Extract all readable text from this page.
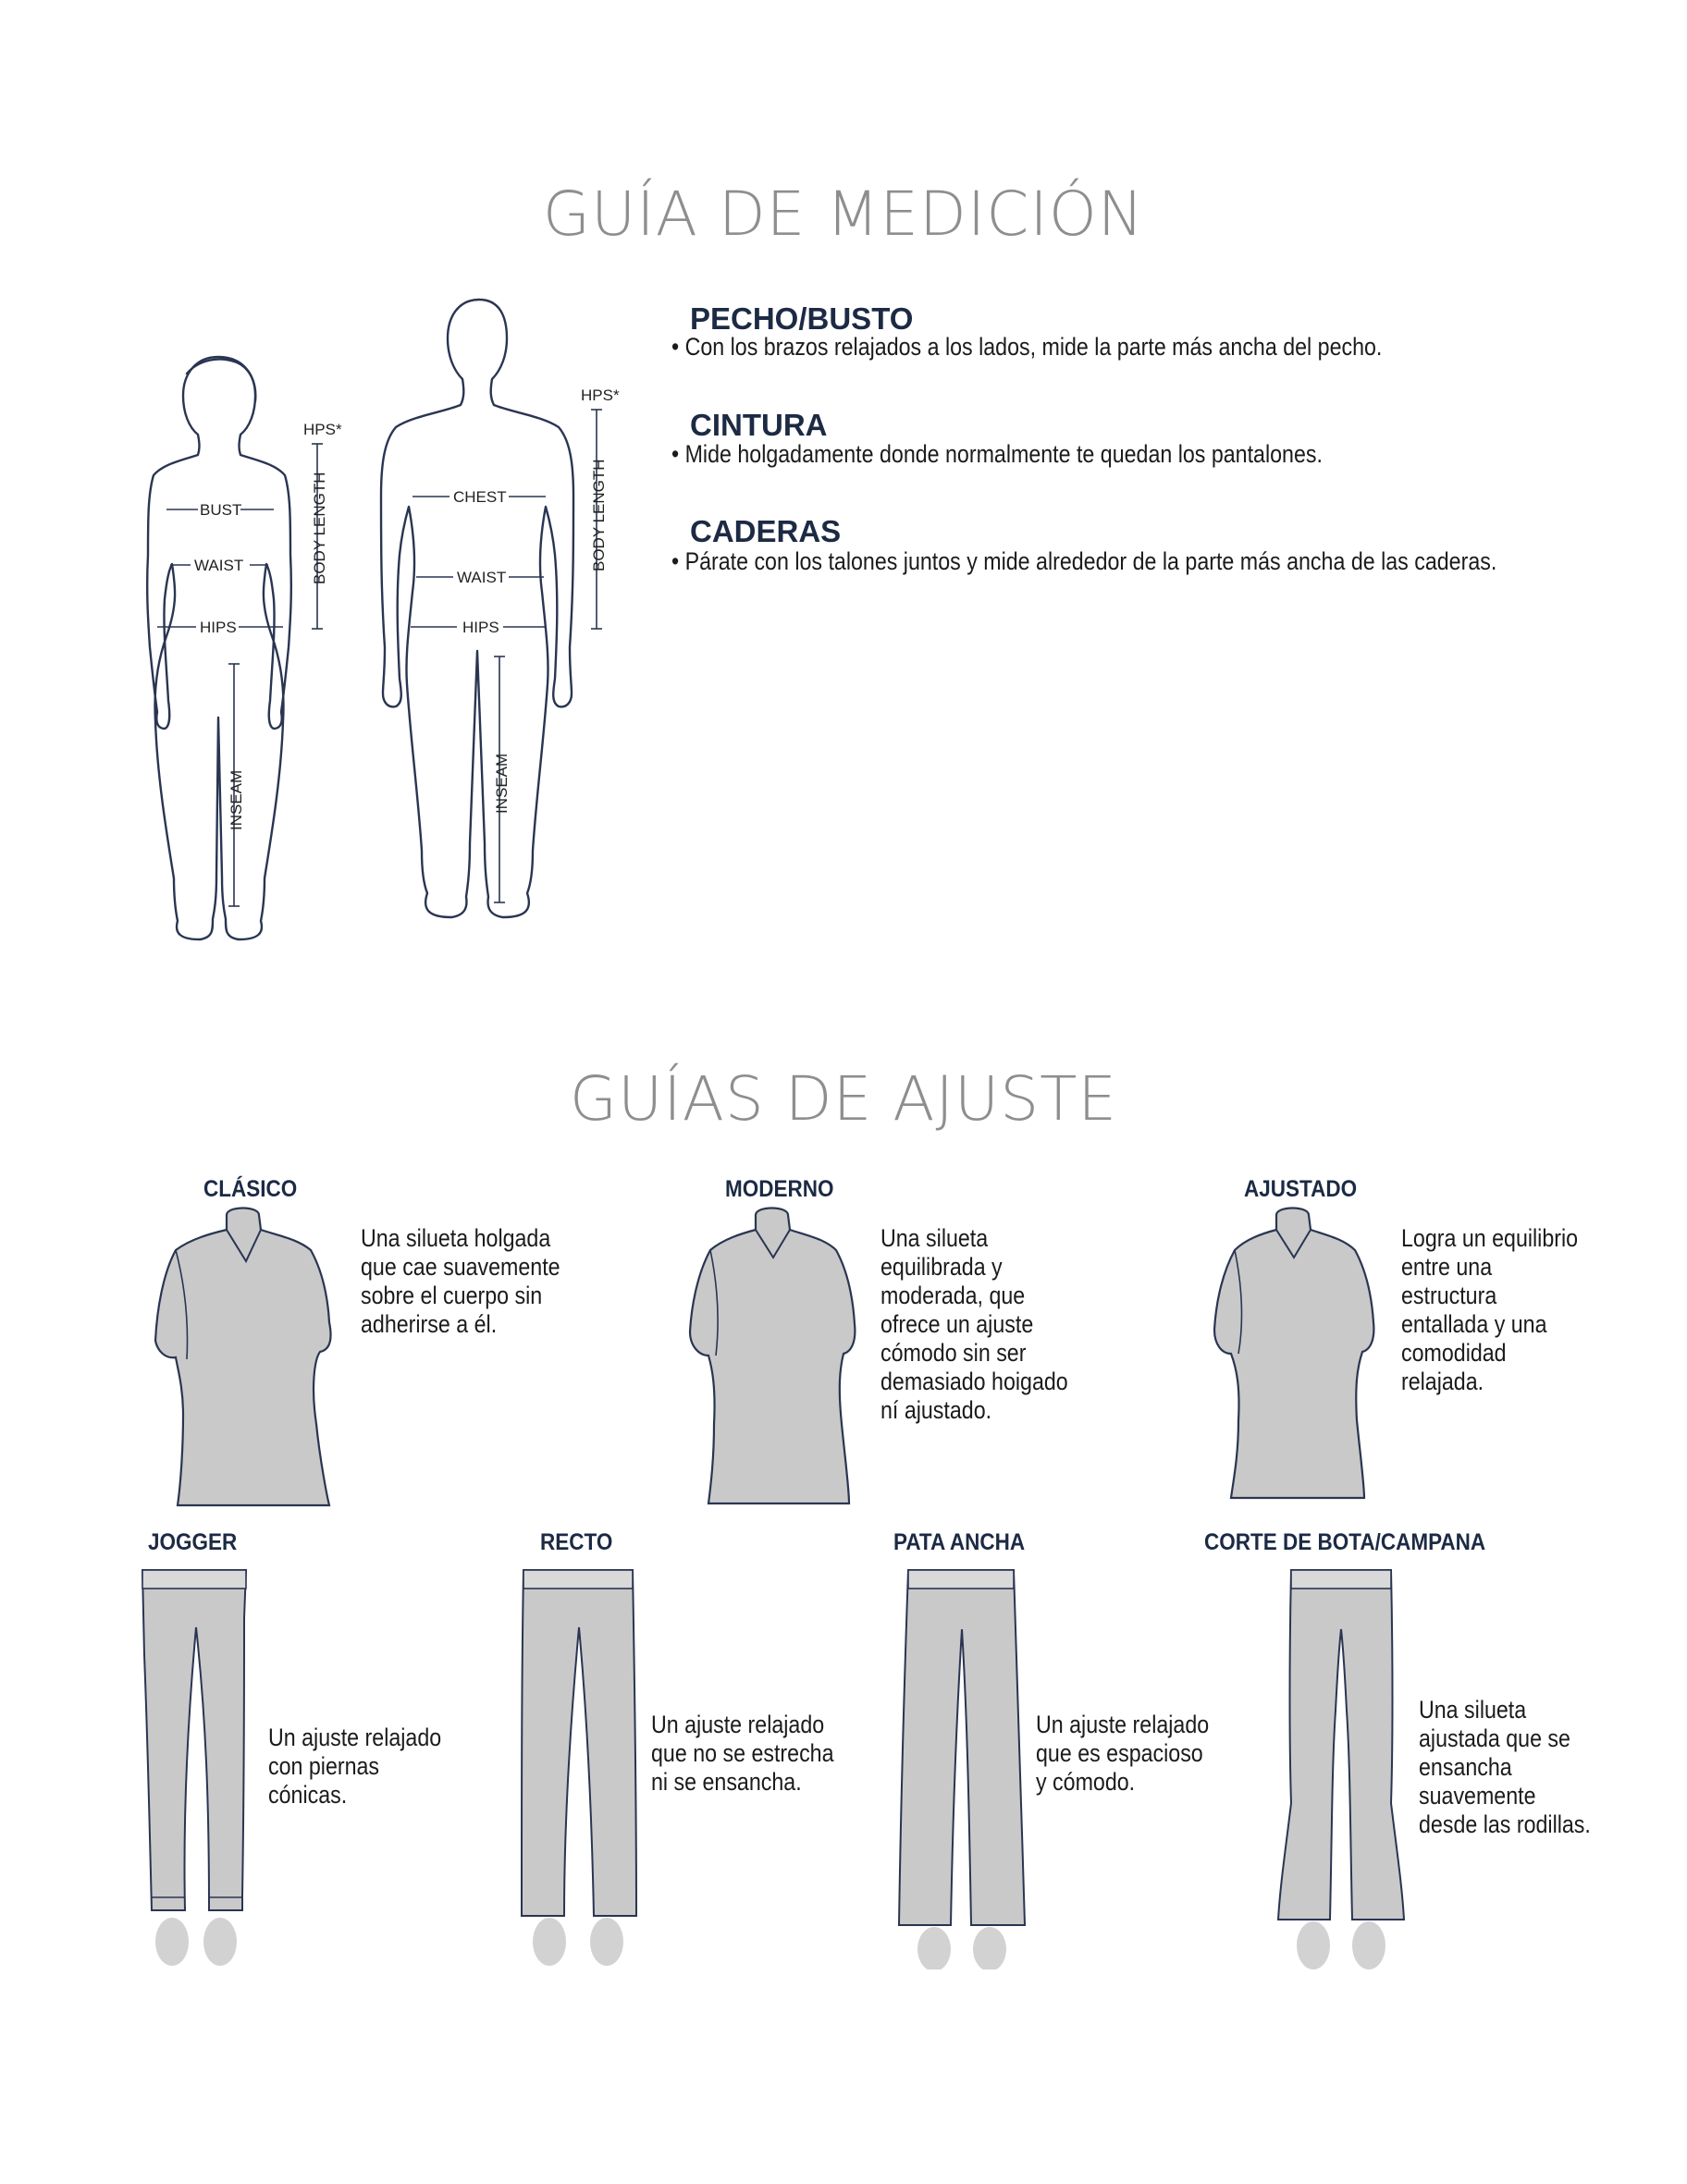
GUÍA DE MEDICIÓN
HPS*
BUST
WAIST
HIPS
INSEAM
BODY LENGTH
HPS*
CHEST
WAIST
HIPS
INSEAM
BODY LENGTH
PECHO/BUSTO
• Con los brazos relajados a los lados, mide la parte más ancha del pecho.
CINTURA
• Mide holgadamente donde normalmente te quedan los pantalones.
CADERAS
• Párate con los talones juntos y mide alrededor de la parte más ancha de las caderas.
GUÍAS DE AJUSTE
CLÁSICO	MODERNO	AJUSTADO
Una silueta holgada
que cae suavemente
sobre el cuerpo sin
adherirse a él.
Una silueta
equilibrada y
moderada, que
ofrece un ajuste
cómodo sin ser
demasiado hoigado
ní ajustado.
Logra un equilibrio
entre una
estructura
entallada y una
comodidad
relajada.
JOGGER	RECTO	PATA ANCHA	CORTE DE BOTA/CAMPANA
Un ajuste relajado
con piernas
cónicas.
Un ajuste relajado
que no se estrecha
ni se ensancha.
Un ajuste relajado
que es espacioso
y cómodo.
Una silueta
ajustada que se
ensancha
suavemente
desde las rodillas.
